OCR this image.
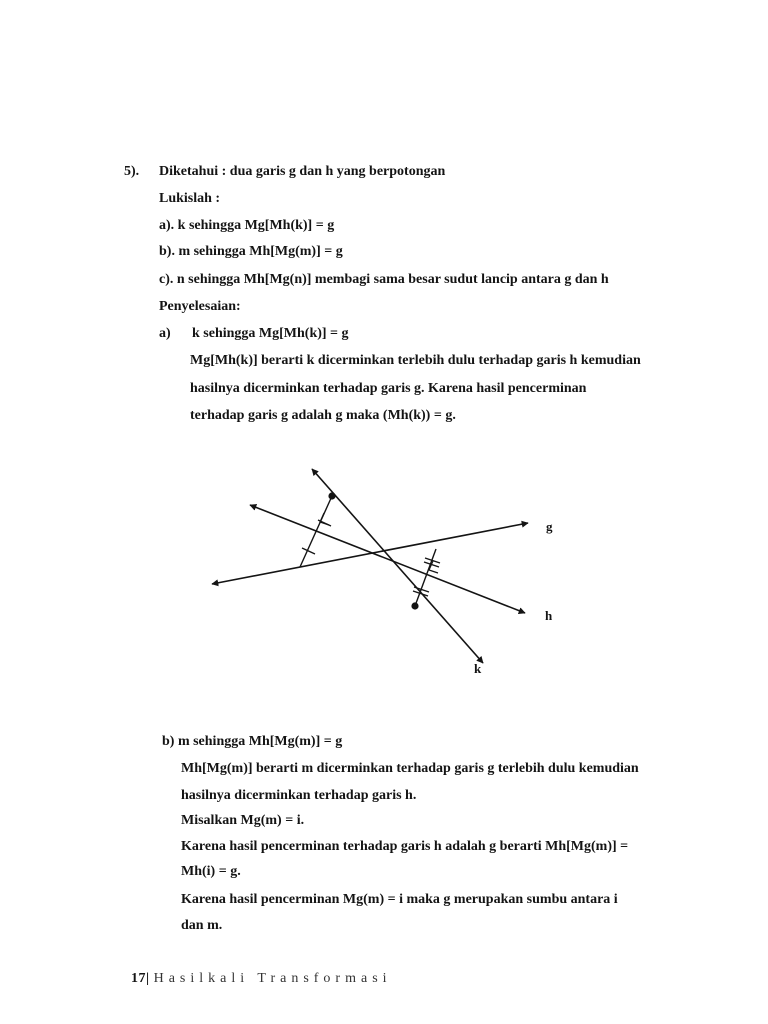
5). Diketahui : dua garis g dan h yang berpotongan
Lukislah :
a). k sehingga Mg[Mh(k)] = g
b). m sehingga Mh[Mg(m)] = g
c). n sehingga Mh[Mg(n)] membagi sama besar sudut lancip antara g dan h
Penyelesaian:
a) k sehingga Mg[Mh(k)] = g
Mg[Mh(k)] berarti k dicerminkan terlebih dulu terhadap garis h kemudian
hasilnya dicerminkan terhadap garis g. Karena hasil pencerminan
terhadap garis g adalah g maka (Mh(k)) = g.
g
h
k
b) m sehingga Mh[Mg(m)] = g
Mh[Mg(m)] berarti m dicerminkan terhadap garis g terlebih dulu kemudian
hasilnya dicerminkan terhadap garis h.
Misalkan Mg(m) = i.
Karena hasil pencerminan terhadap garis h adalah g berarti Mh[Mg(m)] =
Mh(i) = g.
Karena hasil pencerminan Mg(m) = i maka g merupakan sumbu antara i
dan m.
17| Hasilkali Transformasi
